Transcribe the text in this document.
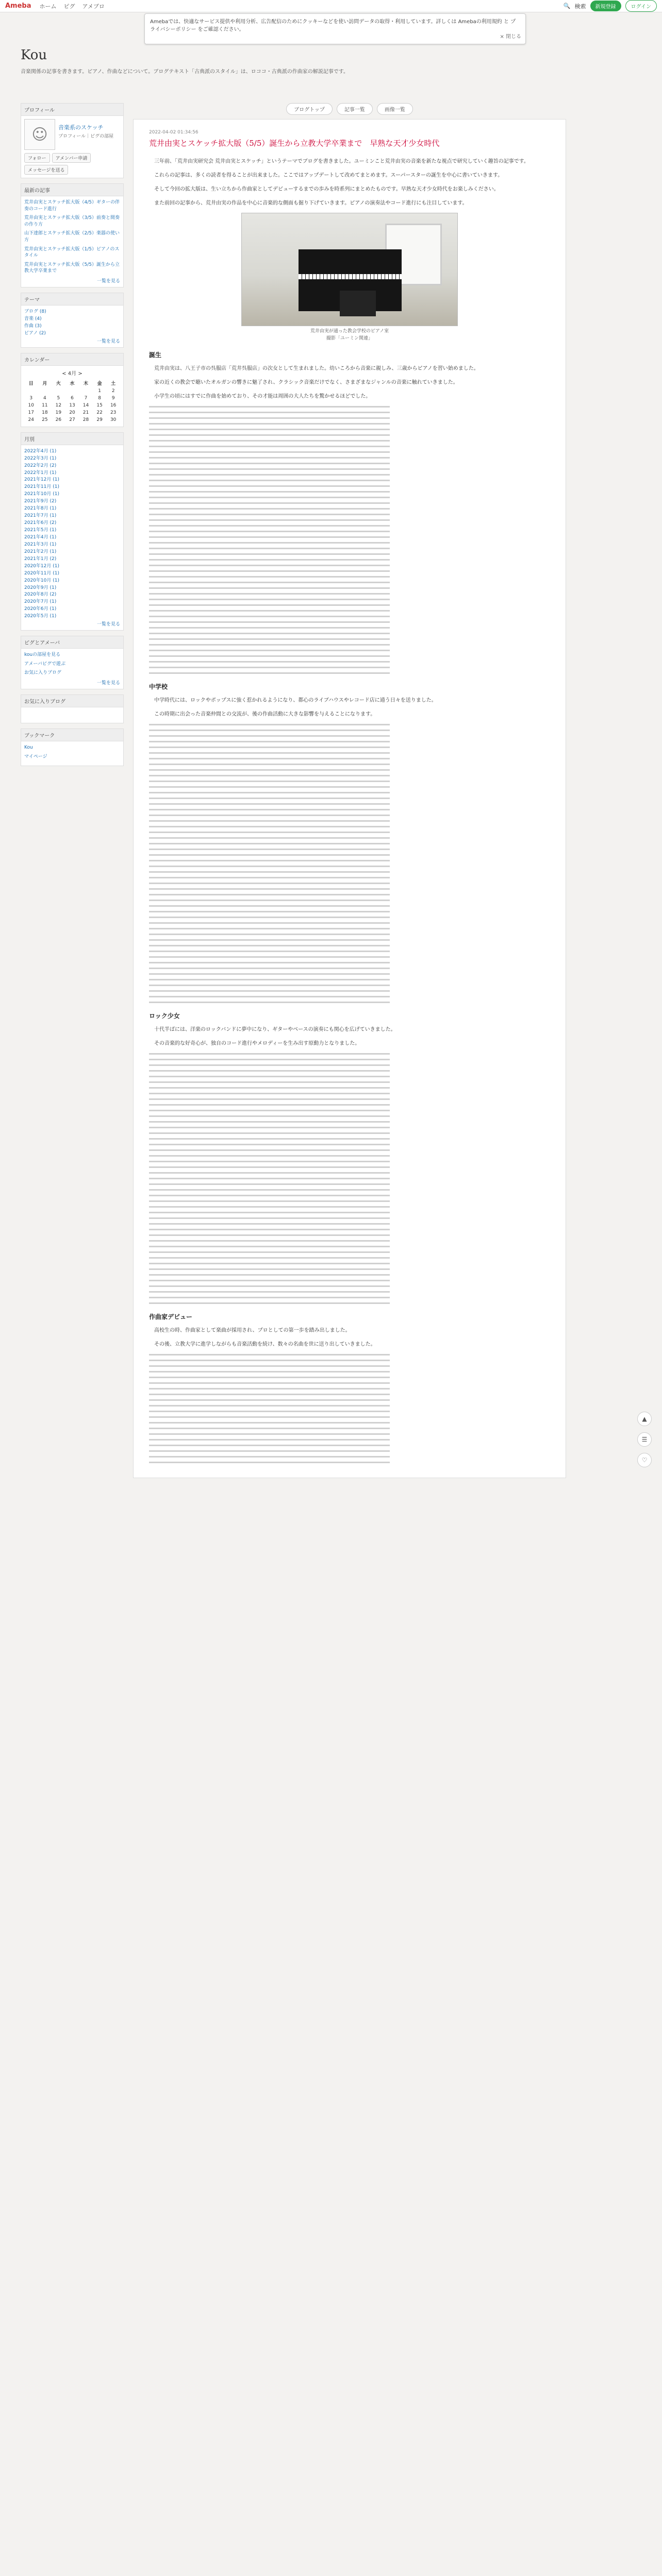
Ameba ホーム ピグ アメブロ	🔍 検索	新規登録	ログイン
Amebaでは、快適なサービス提供や利用分析、広告配信のためにクッキーなどを使い訪問データの取得・利用しています。詳しくは Amebaの利用規約 と プライバシーポリシー をご確認ください。
× 閉じる
Kou
音楽関係の記事を書きます。ピアノ、作曲などについて。ブログテキスト「古典派のスタイル」は、ロココ・古典派の作曲家の解説記事です。
プロフィール
☺	音楽系のスケッチ
プロフィール｜ピグの部屋
フォロー	アメンバー申請
メッセージを送る
最新の記事
荒井由実とスケッチ拡大版（4/5）ギターの伴奏のコード進行
荒井由実とスケッチ拡大版（3/5）前奏と間奏の作り方
山下達郎とスケッチ拡大版（2/5）楽器の使い方
荒井由実とスケッチ拡大版（1/5）ピアノのスタイル
荒井由実とスケッチ拡大版（5/5）誕生から立教大学卒業まで
一覧を見る
テーマ
ブログ (8)
音楽 (4)
作曲 (3)
ピアノ (2)
一覧を見る
カレンダー
< 4月 >
日	月	火	水	木	金	土
					1	2
3	4	5	6	7	8	9
10	11	12	13	14	15	16
17	18	19	20	21	22	23
24	25	26	27	28	29	30
月別
2022年4月 (1)
2022年3月 (1)
2022年2月 (2)
2022年1月 (1)
2021年12月 (1)
2021年11月 (1)
2021年10月 (1)
2021年9月 (2)
2021年8月 (1)
2021年7月 (1)
2021年6月 (2)
2021年5月 (1)
2021年4月 (1)
2021年3月 (1)
2021年2月 (1)
2021年1月 (2)
2020年12月 (1)
2020年11月 (1)
2020年10月 (1)
2020年9月 (1)
2020年8月 (2)
2020年7月 (1)
2020年6月 (1)
2020年5月 (1)
一覧を見る
ピグとアメーバ
kouの部屋を見る
アメーバピグで遊ぶ
お気に入りブログ
一覧を見る
お気に入りブログ
ブックマーク
Kou
マイページ
ブログトップ	記事一覧	画像一覧
2022-04-02 01:34:56
荒井由実とスケッチ拡大版（5/5）誕生から立教大学卒業まで　早熟な天才少女時代

三年前、「荒井由実研究会 荒井由実とスケッチ」というテーマでブログを書きました。ユーミンこと荒井由実の音楽を新たな視点で研究していく趣旨の記事です。

これらの記事は、多くの読者を得ることが出来ました。ここではアップデートして改めてまとめます。スーパースターの誕生を中心に書いていきます。

そして今回の拡大版は、生い立ちから作曲家としてデビューするまでの歩みを時系列にまとめたものです。早熟な天才少女時代をお楽しみください。

また前回の記事から、荒井由実の作品を中心に音楽的な側面も掘り下げていきます。ピアノの演奏法やコード進行にも注目しています。

荒井由実が通った教会学校のピアノ室
撮影「ユーミン関連」
誕生

荒井由実は、八王子市の呉服店「荒井呉服店」の次女として生まれました。幼いころから音楽に親しみ、三歳からピアノを習い始めました。

家の近くの教会で聴いたオルガンの響きに魅了され、クラシック音楽だけでなく、さまざまなジャンルの音楽に触れていきました。

小学生の頃にはすでに作曲を始めており、その才能は周囲の大人たちを驚かせるほどでした。

中学校

中学時代には、ロックやポップスに強く惹かれるようになり、都心のライブハウスやレコード店に通う日々を送りました。

この時期に出会った音楽仲間との交流が、後の作曲活動に大きな影響を与えることになります。

ロック少女

十代半ばには、洋楽のロックバンドに夢中になり、ギターやベースの演奏にも関心を広げていきました。

その音楽的な好奇心が、独自のコード進行やメロディーを生み出す原動力となりました。

作曲家デビュー

高校生の時、作曲家として楽曲が採用され、プロとしての第一歩を踏み出しました。

その後、立教大学に進学しながらも音楽活動を続け、数々の名曲を世に送り出していきました。

▲
☰
♡
